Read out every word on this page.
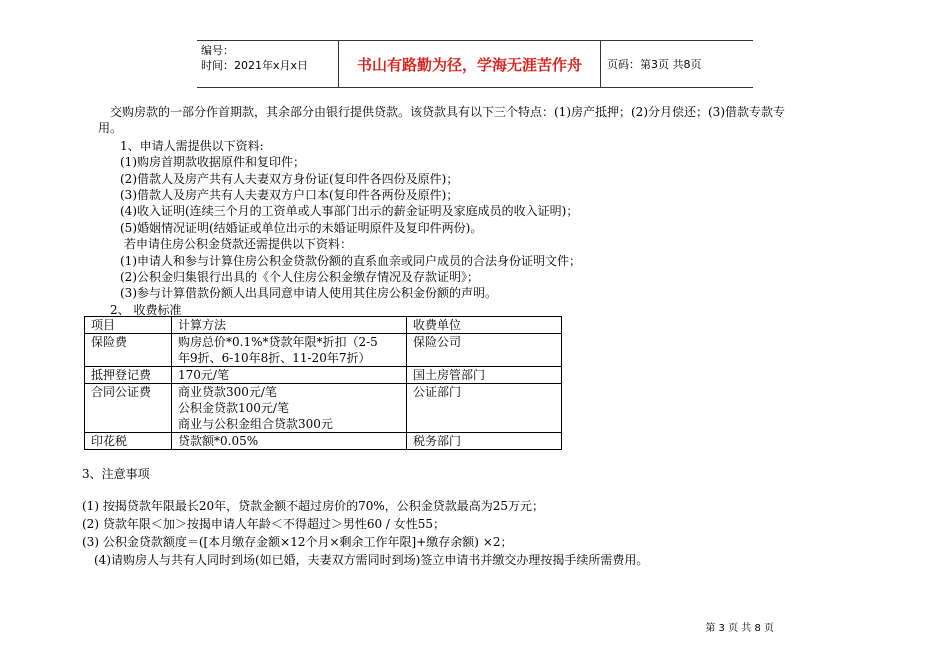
编号：
时间：2021年x月x日	书山有路勤为径，学海无涯苦作舟	页码：第3页 共8页
交购房款的一部分作首期款，其余部分由银行提供贷款。该贷款具有以下三个特点：(1)房产抵押；(2)分月偿还；(3)借款专款专
用。
1、申请人需提供以下资料:
(1)购房首期款收据原件和复印件；
(2)借款人及房产共有人夫妻双方身份证(复印件各四份及原件)；
(3)借款人及房产共有人夫妻双方户口本(复印件各两份及原件)；
(4)收入证明(连续三个月的工资单或人事部门出示的薪金证明及家庭成员的收入证明)；
(5)婚姻情况证明(结婚证或单位出示的未婚证明原件及复印件两份)。
若申请住房公积金贷款还需提供以下资料：
(1)申请人和参与计算住房公积金贷款份额的直系血亲或同户成员的合法身份证明文件；
(2)公积金归集银行出具的《个人住房公积金缴存情况及存款证明》；
(3)参与计算借款份额人出具同意申请人使用其住房公积金份额的声明。
2、 收费标准
项目	计算方法	收费单位
保险费	购房总价*0.1%*贷款年限*折扣（2-5
年9折、6-10年8折、11-20年7折）	保险公司
抵押登记费	170元/笔	国土房管部门
合同公证费	商业贷款300元/笔
公积金贷款100元/笔
商业与公积金组合贷款300元	公证部门
印花税	贷款额*0.05%	税务部门
3、注意事项
(1) 按揭贷款年限最长20年，贷款金额不超过房价的70%，公积金贷款最高为25万元；
(2) 贷款年限＜加＞按揭申请人年龄＜不得超过＞男性60 / 女性55；
(3) 公积金贷款额度＝([本月缴存金额×12个月×剩余工作年限]+缴存余额) ×2；
(4)请购房人与共有人同时到场(如已婚，夫妻双方需同时到场)签立申请书并缴交办理按揭手续所需费用。
第 3 页 共 8 页
